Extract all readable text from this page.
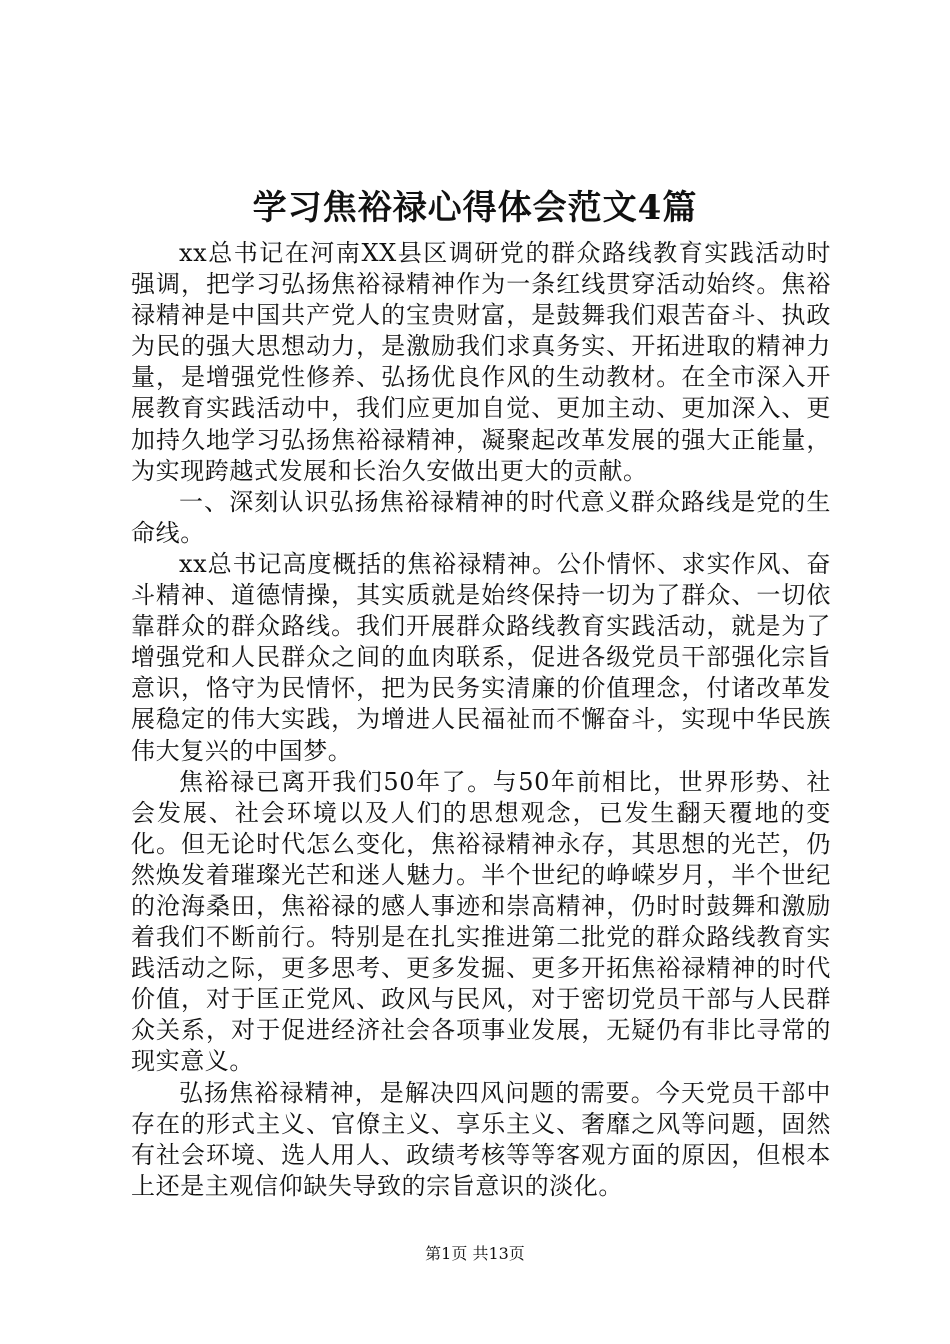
学习焦裕禄心得体会范文4篇

xx总书记在河南XX县区调研党的群众路线教育实践活动时强调，把学习弘扬焦裕禄精神作为一条红线贯穿活动始终。焦裕禄精神是中国共产党人的宝贵财富，是鼓舞我们艰苦奋斗、执政为民的强大思想动力，是激励我们求真务实、开拓进取的精神力量，是增强党性修养、弘扬优良作风的生动教材。在全市深入开展教育实践活动中，我们应更加自觉、更加主动、更加深入、更加持久地学习弘扬焦裕禄精神，凝聚起改革发展的强大正能量，为实现跨越式发展和长治久安做出更大的贡献。

一、深刻认识弘扬焦裕禄精神的时代意义群众路线是党的生命线。

xx总书记高度概括的焦裕禄精神。公仆情怀、求实作风、奋斗精神、道德情操，其实质就是始终保持一切为了群众、一切依靠群众的群众路线。我们开展群众路线教育实践活动，就是为了增强党和人民群众之间的血肉联系，促进各级党员干部强化宗旨意识，恪守为民情怀，把为民务实清廉的价值理念，付诸改革发展稳定的伟大实践，为增进人民福祉而不懈奋斗，实现中华民族伟大复兴的中国梦。

焦裕禄已离开我们50年了。与50年前相比，世界形势、社会发展、社会环境以及人们的思想观念，已发生翻天覆地的变化。但无论时代怎么变化，焦裕禄精神永存，其思想的光芒，仍然焕发着璀璨光芒和迷人魅力。半个世纪的峥嵘岁月，半个世纪的沧海桑田，焦裕禄的感人事迹和崇高精神，仍时时鼓舞和激励着我们不断前行。特别是在扎实推进第二批党的群众路线教育实践活动之际，更多思考、更多发掘、更多开拓焦裕禄精神的时代价值，对于匡正党风、政风与民风，对于密切党员干部与人民群众关系，对于促进经济社会各项事业发展，无疑仍有非比寻常的现实意义。

弘扬焦裕禄精神，是解决四风问题的需要。今天党员干部中存在的形式主义、官僚主义、享乐主义、奢靡之风等问题，固然有社会环境、选人用人、政绩考核等等客观方面的原因，但根本上还是主观信仰缺失导致的宗旨意识的淡化。

第1页 共13页
